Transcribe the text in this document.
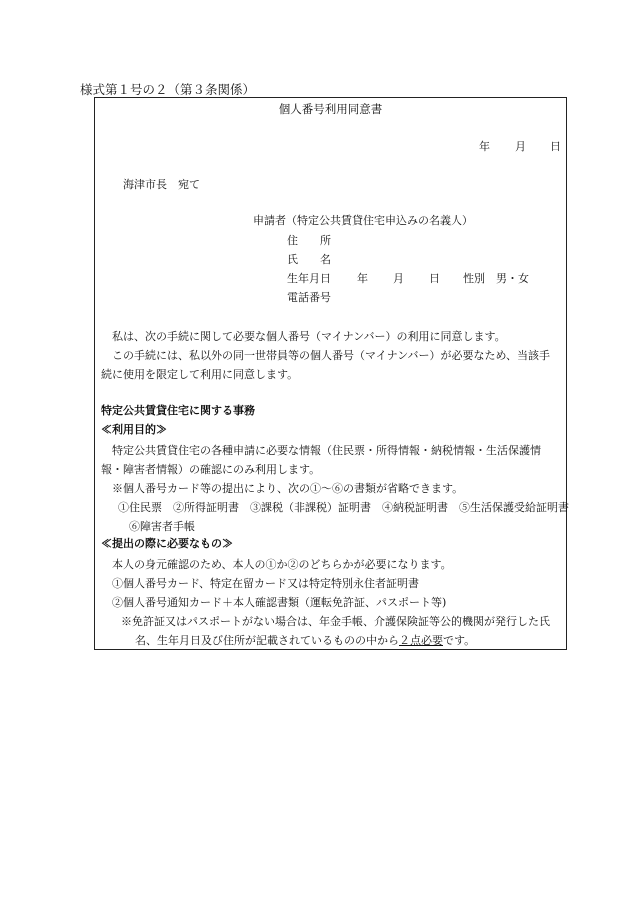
様式第１号の２（第３条関係）
個人番号利用同意書
年 月 日
海津市長　宛て
申請者（特定公共賃貸住宅申込みの名義人）
住　　所
氏　　名
生年月日 年 月 日 性別 男・女
電話番号
私は、次の手続に関して必要な個人番号（マイナンバー）の利用に同意します。
この手続には、私以外の同一世帯員等の個人番号（マイナンバー）が必要なため、当該手続に使用を限定して利用に同意します。
特定公共賃貸住宅に関する事務
≪利用目的≫
特定公共賃貸住宅の各種申請に必要な情報（住民票・所得情報・納税情報・生活保護情報・障害者情報）の確認にのみ利用します。
※個人番号カード等の提出により、次の①～⑥の書類が省略できます。
①住民票　②所得証明書　③課税（非課税）証明書　④納税証明書　⑤生活保護受給証明書　⑥障害者手帳
≪提出の際に必要なもの≫
本人の身元確認のため、本人の①か②のどちらかが必要になります。
①個人番号カード、特定在留カード又は特定特別永住者証明書
②個人番号通知カード＋本人確認書類（運転免許証、パスポート等)
※免許証又はパスポートがない場合は、年金手帳、介護保険証等公的機関が発行した氏名、生年月日及び住所が記載されているものの中から２点必要です。
